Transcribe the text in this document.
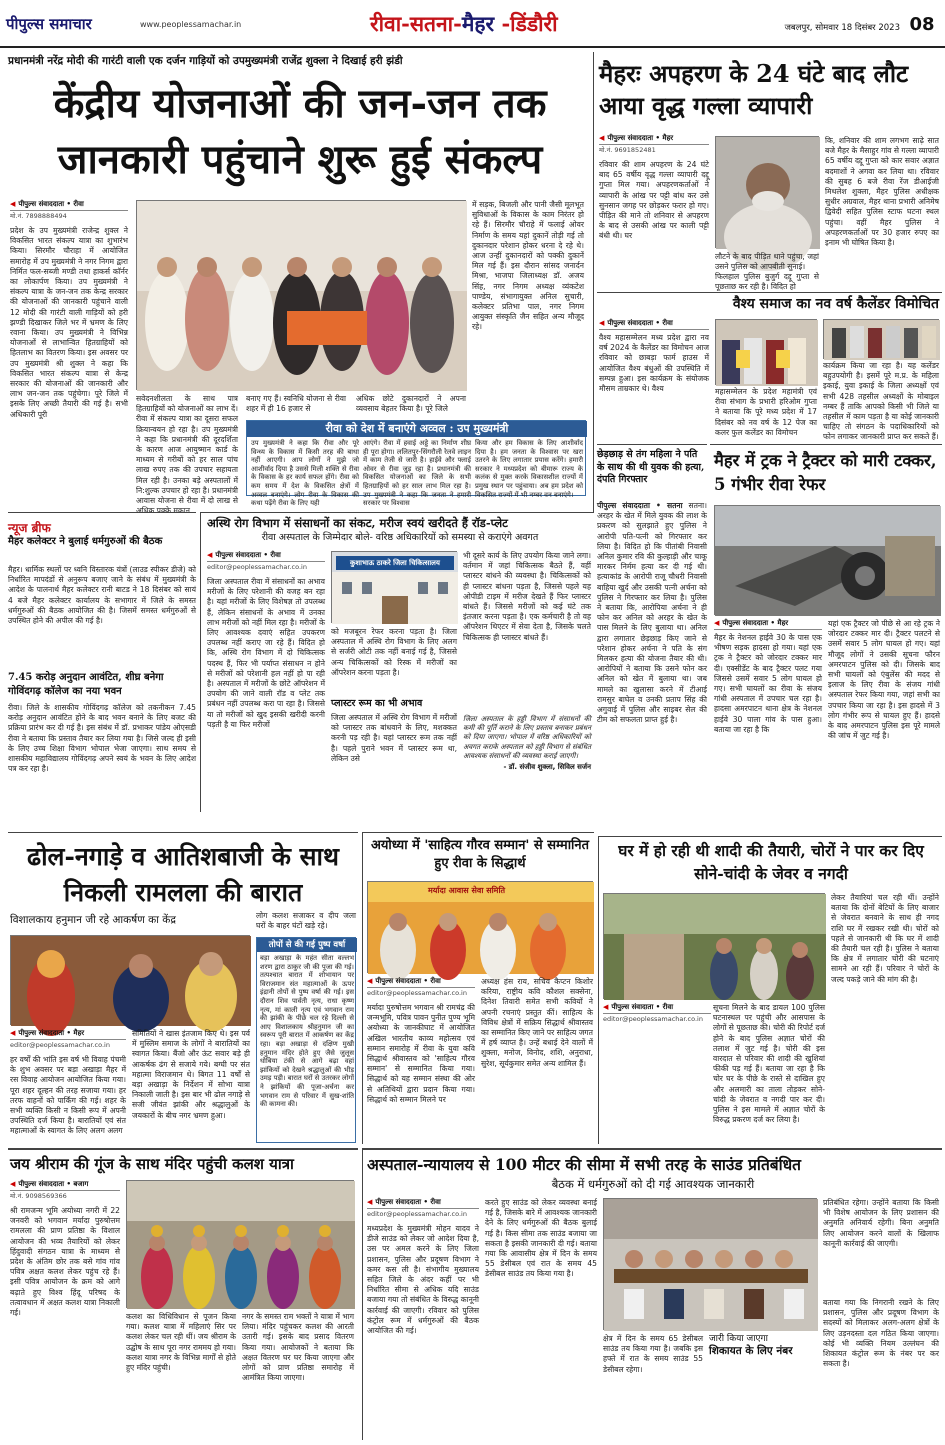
पीपुल्स समाचार	www.peoplessamachar.in	रीवा-सतना-मैहर -डिंडौरी	जबलपुर, सोमवार 18 दिसंबर 2023 08
प्रधानमंत्री नरेंद्र मोदी की गारंटी वाली एक दर्जन गाड़ियों को उपमुख्यमंत्री राजेंद्र शुक्ला ने दिखाई हरी झंडी
केंद्रीय योजनाओं की जन-जन तक जानकारी पहुंचाने शुरू हुई संकल्प
◀ पीपुल्स संवाददाता • रीवा
मो.नं. 7898888494
प्रदेश के उप मुख्यमंत्री राजेन्द्र शुक्ल ने विकसित भारत संकल्प यात्रा का शुभारंभ किया। सिरमौर चौराहा में आयोजित समारोह में उप मुख्यमंत्री ने नगर निगम द्वारा निर्मित फल-सब्जी मण्डी तथा हाकर्स कॉर्नर का लोकार्पण किया। उप मुख्यमंत्री ने संकल्प यात्रा के जन-जन तक केन्द्र सरकार की योजनाओं की जानकारी पहुंचाने वाली 12 मोदी की गारंटी वाली गाड़ियों को हरी झण्डी दिखाकर जिले भर में भ्रमण के लिए रवाना किया। उप मुख्यमंत्री ने विभिन्न योजनाओं से लाभान्वित हितग्राहियों को हितलाभ का वितरण किया। इस अवसर पर उप मुख्यमंत्री श्री शुक्ल ने कहा कि विकसित भारत संकल्प यात्रा से केन्द्र सरकार की योजनाओं की जानकारी और लाभ जन-जन तक पहुंचेगा। पूरे जिले में इसके लिए अच्छी तैयारी की गई है। सभी अधिकारी पूरी
में सड़क, बिजली और पानी जैसी मूलभूत सुविधाओं के विकास के काम निरंतर हो रहे हैं। सिरमौर चौराहे में फलाई ओवर निर्माण के समय यहां दुकानें तोड़ी गई तो दुकानदार परेशान होकर धरना दे रहे थे। आज उन्हीं दुकानदारों को पक्की दुकानें मिल गई हैं। इस दौरान सांसद जनार्दन मिश्रा, भाजपा जिलाध्यक्ष डॉ. अजय सिंह, नगर निगम अध्यक्ष व्यंकटेश पाण्डेय, संभागायुक्त अनिल सुचारी, कलेक्टर प्रतिभा पाल, नगर निगम आयुक्त संस्कृति जैन सहित अन्य मौजूद रहे।
सवेदनशीलता के साथ पात्र हितग्राहियों को योजनाओं का लाभ दें। रीवा में संकल्प यात्रा का दूसरा सफल क्रियान्वयन हो रहा है। उप मुख्यमंत्री ने कहा कि प्रधानमंत्री की दूरदर्शिता के कारण आज आयुष्मान कार्ड के माध्यम से गरीबों को हर साल पांच लाख रुपए तक की उपचार सहायता मिल रही है। उनका बड़े अस्पतालों में नि:शुल्क उपचार हो रहा है। प्रधानमंत्री आवास योजना से रीवा में दो लाख से अधिक पक्के मकान
बनाए गए हैं। स्वनिधि योजना से रीवा शहर में ही 16 हजार से
अधिक छोटे दुकानदारों ने अपना व्यवसाय बेहतर किया है। पूरे जिले
रीवा को देश में बनाएंगे अव्वल : उप मुख्यमंत्री
उप मुख्यमंत्री ने कहा कि रीवा और पूरे विन्ध्य के विकास में किसी तरह की बाधा नहीं आएगी। आप लोगों ने मुझे जो आशीर्वाद दिया है उससे मिली शक्ति से रीवा के विकास के हर कार्य सफल होंगे। रीवा को कम समय में देश के विकसित क्षेत्रों में अव्वल बनाएंगे। लोग रीवा के विकास की कथा पढ़ेंगे रीवा के लिए यही
आएंगे। रीवा में हवाई अड्डे का निर्माण शीघ्र ही पूरा होगा। ललितपुर-सिंगरौली रेलवे लाइन में काम तेजी से जारी है। हाईवे और फ्लाई ओवर से रीवा जुड़ रहा है। प्रधानमंत्री की विकसित योजनाओं का जिले के सभी हितग्राहियों को हर साल लाभ मिल रहा है। उप मुख्यमंत्री ने कहा कि जनता ने हमारी सरकार पर विश्वास
किया और हम विकास के लिए आशीर्वाद दिया है। हम जनता के विश्वास पर खरा उतरने के लिए लगातार प्रयास करेंगे। हमारी सरकार ने मध्यप्रदेश को बीमारू राज्य के कलंक से मुक्त करके विकासशील राज्यों में प्रमुख स्थान पर पहुंचाया। अब हम प्रदेश को विकसित राज्यों में भी नम्बर वन बनाएंगे।
मैहरः अपहरण के 24 घंटे बाद लौट आया वृद्ध गल्ला व्यापारी
◀ पीपुल्स संवाददाता • मैहर
मो.नं. 9691852481
रविवार की शाम अपहरण के 24 घंटे बाद 65 वर्षीय वृद्ध गल्ला व्यापारी दद्दू गुप्ता मिल गया। अपहरणकर्ताओं ने व्यापारी के आंख पर पट्टी बांध कर उसे सुनसान जगह पर छोड़कर फरार हो गए। पीड़ित की माने तो शनिवार से अपहरण के बाद से उसकी आंख पर काली पट्टी बंधी थी। घर
लौटने के बाद पीड़ित थाने पहुंचा, जहां उसने पुलिस को आपबीती सुनाई।
फिलहाल पुलिस बुजुर्ग दद्दू गुप्ता से पूछताछ कर रही है। विदित हो
कि, शनिवार की शाम लगभग साढ़े सात बजे मैहर के मैसाहुर गांव से गल्ला व्यापारी 65 वर्षीय दद्दू गुप्ता को कार सवार अज्ञात बदमाशों ने अगवा कर लिया था। रविवार की सुबह 6 बजे रीवा रेंज डीआईजी मिथलेश शुक्ला, मैहर पुलिस अधीक्षक सुधीर अग्रवाल, मैहर थाना प्रभारी अनिमेष द्विवेदी सहित पुलिस स्टाफ घटना स्थल पहुंचा। वहीं मैहर पुलिस ने अपहरणकर्ताओं पर 30 हजार रुपए का इनाम भी घोषित किया है।
वैश्य समाज का नव वर्ष कैलेंडर विमोचित
◀ पीपुल्स संवाददाता • रीवा
वैश्य महासम्मेलन मध्य प्रदेश द्वारा नव वर्ष 2024 के कैलेंडर का विमोचन आज रविवार को छाबड़ा फार्म हाउस में आयोजित वैश्य बंधुओं की उपस्थिति में सम्पन्न हुआ। इस कार्यक्रम के संयोजक मौसम ताम्रकार थे। वैश्य	महासम्मेलन के प्रदेश महामंत्री एवं रीवा संभाग के प्रभारी हरिओम गुप्ता ने बताया कि पूरे मध्य प्रदेश में 17 दिसंबर को नव वर्ष के 12 पेज का कलर फुल कलेंडर का विमोचन
कार्यक्रम किया जा रहा है। यह कलेंडर बहुउपयोगी है। इसमें पूरे म.प्र. के महिला इकाई, युवा इकाई के जिला अध्यक्षों एवं सभी 428 तहसील अध्यक्षों के मोबाइल नम्बर हैं ताकि आपको किसी भी जिले या तहसील में काम पड़ता है या कोई जानकारी चाहिए तो संगठन के पदाधिकारियों को फोन लगाकर जानकारी प्राप्त कर सकते हैं।
छेड़छाड़ से तंग महिला ने पति के साथ की थी युवक की हत्या, दंपति गिरफ्तार
पीपुल्स संवाददाता • सतना सतना। अरहर के खेत में मिले युवक की लाश के प्रकरण को सुलझाते हुए पुलिस ने आरोपी पति-पत्नी को गिरफ्तार कर लिया है। विदित हो कि पीतांबी निवासी अनिल कुमार रवि की कुल्हाड़ी और चाकू मारकर निर्मम हत्या कर दी गई थी। हत्याकांड के आरोपी राजू चौधरी निवासी बाहिया खुर्द और उसकी पत्नी अर्चना को पुलिस ने गिरफ्तार कर लिया है। पुलिस ने बताया कि, आरोपिया अर्चना ने ही फोन कर अनिल को अरहर के खेत के पास मिलने के लिए बुलाया था। अनिल द्वारा लगातार छेड़छाड़ किए जाने से परेशान होकर अर्चना ने पति के संग मिलकर हत्या की योजना तैयार की थी। आरोपियों ने बताया कि उसने फोन कर अनिल को खेत में बुलाया था। जब मामले का खुलासा करने में टीआई रामसुर बाघेल व उनकी प्रताप सिंह की अगुवाई में पुलिस और साइबर सेल की टीम को सफलता प्राप्त हुई है।
मैहर में ट्रक ने ट्रैक्टर को मारी टक्कर, 5 गंभीर रीवा रेफर
◀ पीपुल्स संवाददाता • मैहर
मैहर के नेशनल हाईवे 30 के पास एक भीषण सड़क हादसा हो गया। यहां एक ट्रक ने ट्रैक्टर को जोरदार टक्कर मार दी। एक्सीडेंट के बाद ट्रैक्टर पलट गया जिससे उसमें सवार 5 लोग घायल हो गए। सभी घायलों का रीवा के संजय गांधी अस्पताल में उपचार चल रहा है। हादसा अमरपाटन थाना क्षेत्र के नेशनल हाईवे 30 पाला गांव के पास हुआ। बताया जा रहा है कि
यहां एक ट्रैक्टर जो पीछे से आ रहे ट्रक ने जोरदार टक्कर मार दी। ट्रैक्टर पलटने से उसमें सवार 5 लोग घायल हो गए। यहां मौजूद लोगों ने उसकी सूचना फौरन अमरपाटन पुलिस को दी। जिसके बाद सभी घायलों को एंबुलेंस की मदद से इलाज के लिए रीवा के संजय गांधी अस्पताल रेफर किया गया, जहां सभी का उपचार किया जा रहा है। इस हादसे में 3 लोग गंभीर रूप से घायल हुए हैं। हादसे के बाद अमरपाटन पुलिस इस पूरे मामले की जांच में जुट गई है।
न्यूज ब्रीफ
मैहर कलेक्टर ने बुलाई धर्मगुरुओं की बैठक
मैहर। धार्मिक स्थलों पर ध्वनि विस्तारक यंत्रों (लाउड स्पीकर डीजे) को निर्धारित मापदंडों से अनुरूप बजाए जाने के संबंध में मुख्यमंत्री के आदेश के पालनार्थ मैहर कलेक्टर रानी बाटड ने 18 दिसंबर को सायं 4 बजे मैहर कलेक्टर कार्यालय के सभागार में जिले के समस्त धर्मगुरुओं की बैठक आयोजित की है। जिसमें समस्त धर्मगुरुओं से उपस्थित होने की अपील की गई है।
7.45 करोड़ अनुदान आवंटित, शीघ्र बनेगा गोविंदगढ़ कॉलेज का नया भवन
रीवा। जिले के शासकीय गोविंदगढ़ कॉलेज को तकनीकन 7.45 करोड़ अनुदान आवंटित होने के बाद भवन बनाने के लिए बजट की प्रक्रिया प्रारंभ कर दी गई है। इस संबंध में डॉ. प्रभाकर पांडेय ओएसडी रीवा ने बताया कि प्रस्ताव तैयार कर लिया गया है। जिसे जल्द ही इसी के लिए उच्च शिक्षा विभाग भोपाल भेजा जाएगा। साथ समय से शासकीय महाविद्यालय गोविंदगढ़ अपने स्वयं के भवन के लिए आदेश पत्र कर रहा है।
अस्थि रोग विभाग में संसाधनों का संकट, मरीज स्वयं खरीदते हैं रॉड-प्लेट
रीवा अस्पताल के जिम्मेदार बोले- वरिष्ठ अधिकारियों को समस्या से कराएंगे अवगत
◀ पीपुल्स संवाददाता • रीवा
editor@peoplessamachar.co.in
जिला अस्पताल रीवा में संसाधनों का अभाव मरीजों के लिए परेशानी की वजह बन रहा है। यहां मरीजों के लिए विशेषज्ञ तो उपलब्ध हैं, लेकिन संसाधनों के अभाव में उनका लाभ मरीजों को नहीं मिल रहा है। मरीजों के लिए आवश्यक दवाएं सहित उपकरण उपलब्ध नहीं कराए जा रहे हैं। विदित हो कि, अस्थि रोग विभाग में दो चिकित्सक पदस्थ हैं, फिर भी पर्याप्त संसाधन न होने से मरीजों को परेशानी हल नहीं हो पा रही है। अस्पताल में मरीजों के छोटे ऑपरेशन में उपयोग की जाने वाली रॉड व प्लेट तक प्रबंधन नहीं उपलब्ध करा पा रहा है। जिससे या तो मरीजों को खुद इसकी खरीदी करनी पड़ती है या फिर मरीजों
कुशाभाऊ ठाकरे जिला चिकित्सालय
को मजबूरन रेफर करना पड़ता है। जिला अस्पताल में अस्थि रोग विभाग के लिए अलग से सर्जरी ओटी तक नहीं बनाई गई है, जिससे अन्य चिकित्सकों को रिस्क में मरीजों का ऑपरेशन करना पड़ता है।
प्लास्टर रूम का भी अभाव
जिला अस्पताल में अस्थि रोग विभाग में मरीजों को प्लास्टर तक बांधवाने के लिए, मशक्कत करनी पड़ रही है। यहां प्लास्टर रूम तक नहीं है। पहले पुराने भवन में प्लास्टर रूम था, लेकिन उसे
भी दूसरे कार्य के लिए उपयोग किया जाने लगा। वर्तमान में जहां चिकित्सक बैठते हैं, वहीं प्लास्टर बांधने की व्यवस्था है। चिकित्सकों को ही प्लास्टर बांधना पड़ता है, जिससे पहले यह ओपीडी टाइम में मरीज देखते हैं फिर प्लास्टर बांधते हैं। जिससे मरीजों को कई घंटे तक इंतजार करना पड़ता है। एक कर्मचारी है तो वह ऑपरेशन थिएटर में सेवा देता है, जिसके चलते चिकित्सक ही प्लास्टर बांधते हैं।
जिला अस्पताल के हड्डी विभाग में संसाधनों की कमी की पूर्ति कराने के लिए प्रस्ताव बनाकर प्रबंधन को दिया जाएगा। भोपाल में वरिष्ठ अधिकारियों को अवगत कराके अस्पताल को हड्डी विभाग से संबंधित आवश्यक संसाधनों की व्यवस्था कराई जाएगी।
- डॉ. संजीव शुक्ला, सिविल सर्जन
ढोल-नगाड़े व आतिशबाजी के साथ निकली रामलला की बारात
विशालकाय हनुमान जी रहे आकर्षण का केंद्र	लोग कलश सजाकर व दीप जला घरों के बाहर घंटों खड़े रहे।
तोपों से की गई पुष्प वर्षा
बड़ा अखाड़ा के महंत सीता वल्लभ शरण द्वारा ठाकुर जी की पूजा की गई। तत्पश्चात बारात में शोभायान पर विराजमान संत महात्माओं के ऊपर इंद्रानी तोपों से पुष्प वर्षा की गई। इस दौरान शिव पार्वती नृत्य, राधा कृष्ण नृत्य, मां काली नृत्य एवं भगवान राम की झांकी के पीछे चल रहे दिल्ली से आए विशालकाय श्रीहनुमान जी का स्वरूप पूरी बारात में आकर्षण का केंद्र रहा। बड़ा अखाड़ा से दक्षिण मुखी हनुमान मंदिर होते हुए जैसे जुलूस धोबिया टंकी से आगे बढ़ा वहां झांकियों को देखने श्रद्धालुओं की भीड़ उमड़ पड़ी। बारात घरों से उतरकर लोगों ने झांकियों की पूजा-अर्चना कर भगवान राम से परिवार में सुख-शांति की कामना की।
◀ पीपुल्स संवाददाता • मैहर
editor@peoplessamachar.co.in
हर वर्षों की भांति इस वर्ष भी विवाह पंचमी के शुभ अवसर पर बड़ा अखाड़ा मैहर में रस विवाह आयोजन आयोजित किया गया। पूरा शहर दूल्हन की तरह सजाया गया। हर तरफ वाहनों को पार्किंग की गई। शहर के सभी व्यक्ति किसी न किसी रूप में अपनी उपस्थिति दर्ज किया है। बारातियों एवं संत महात्माओं के स्वागत के लिए अलग अलग
समितियों ने खास इंतजाम किए थे। इस पर्व में मुस्लिम समाज के लोगों ने बारातियों का स्वागत किया। बैंजो और ऊंट सवार बड़े ही आकर्षक ढंग से सजाये गये। बग्घी पर संत महात्मा विराजमान थे। बिगत 11 वर्षों से बड़ा अखाड़ा के निर्देशन में सोभा यात्रा निकाली जाती है। इस बार भी ढोल नगाड़े से सजी जीवंत झांकी और श्रद्धालुओं के जयकारों के बीच नगर भ्रमण हुआ।
अयोध्या में 'साहित्य गौरव सम्मान' से सम्मानित हुए रीवा के सिद्धार्थ
मर्यादा आवास सेवा समिति
◀ पीपुल्स संवाददाता • रीवा
editor@peoplessamachar.co.in
मर्यादा पुरुषोत्तम भगवान श्री रामचंद्र की जन्मभूमि, पवित्र पावन पुनीत पुण्य भूमि अयोध्या के जानकीघाट में आयोजित अखिल भारतीय काव्य महोत्सव एवं सम्मान समारोह में रीवा के युवा कवि सिद्धार्थ श्रीवास्तव को 'साहित्य गौरव सम्मान' से सम्मानित किया गया। सिद्धार्थ को यह सम्मान संस्था की ओर से अतिथियों द्वारा प्रदान किया गया। सिद्धार्थ को सम्मान मिलने पर
अध्यक्ष हंस राय, सचिव कैप्टन किशोर करिया, राष्ट्रीय कवि कौशल सक्सेना, दिनेश तिवारी समेत सभी कवियों ने अपनी रचनाएं प्रस्तुत कीं। साहित्य के विविध क्षेत्रों में सक्रिय सिद्धार्थ श्रीवास्तव का सम्मानित किए जाने पर साहित्य जगत में हर्ष व्याप्त है। उन्हें बधाई देने वालों में शुक्ला, मनोज, विनोद, शशि, अनुराधा, सुरेश, सूर्यकुमार समेत अन्य शामिल हैं।
घर में हो रही थी शादी की तैयारी, चोरों ने पार कर दिए सोने-चांदी के जेवर व नगदी
◀ पीपुल्स संवादाता • रीवा
editor@peoplessamachar.co.in
सूचना मिलने के बाद डायल 100 पुलिस घटनास्थल पर पहुंची और आसपास के लोगों से पूछताछ की। चोरी की रिपोर्ट दर्ज होने के बाद पुलिस अज्ञात चोरों की तलाश में जुट गई है। चोरी की इस वारदात से परिवार की शादी की खुशियां फीकी पड़ गई हैं। बताया जा रहा है कि चोर घर के पीछे के रास्ते से दाखिल हुए और अलमारी का ताला तोड़कर सोने-चांदी के जेवरात व नगदी पार कर दी। पुलिस ने इस मामले में अज्ञात चोरों के विरुद्ध प्रकरण दर्ज कर लिया है।
लेकर तैयारियां चल रही थीं। उन्होंने बताया कि दोनों बेटियों के लिए बाजार से जेवरात बनवाने के साथ ही नगद राशि घर में रखकर रखी थी। चोरों को पहले से जानकारी थी कि घर में शादी की तैयारी चल रही है। पुलिस ने बताया कि क्षेत्र में लगातार चोरी की घटनाएं सामने आ रही हैं। परिवार ने चोरों के जल्द पकड़े जाने की मांग की है।
जय श्रीराम की गूंज के साथ मंदिर पहुंची कलश यात्रा
◀ पीपुल्स संवाददाता • बजाग
मो.नं. 9098569366
श्री रामजन्म भूमि अयोध्या नगरी में 22 जनवरी को भगवान मर्यादा पुरुषोत्तम रामलला की प्राण प्रतिष्ठा के विशाल आयोजन की भव्य तैयारियों को लेकर हिंदुवादी संगठन यात्रा के माध्यम से प्रदेश के अंतिम छोर तक बसे गांव गांव पवित्र अक्षत कलश लेकर पहुंच रहे हैं। इसी पवित्र आयोजन के क्रम को आगे बढ़ाते हुए विश्व हिंदू परिषद के तत्वावधान में अक्षत कलश यात्रा निकाली गई।	कलश का विधिविधान से पूजन किया गया। कलश यात्रा में महिलाएं सिर पर कलश लेकर चल रही थीं। जय श्रीराम के उद्घोष के साथ पूरा नगर राममय हो गया। कलश यात्रा नगर के विभिन्न मार्गों से होते हुए मंदिर पहुंची।
नगर के समस्त राम भक्तों ने यात्रा में भाग लिया। मंदिर पहुंचकर कलश की आरती उतारी गई। इसके बाद प्रसाद वितरण किया गया। आयोजकों ने बताया कि अक्षत वितरण घर घर किया जाएगा और लोगों को प्राण प्रतिष्ठा समारोह में आमंत्रित किया जाएगा।
अस्पताल-न्यायालय से 100 मीटर की सीमा में सभी तरह के साउंड प्रतिबंधित
बैठक में धर्मगुरुओं को दी गई आवश्यक जानकारी
◀ पीपुल्स संवाददाता • रीवा
editor@peoplessamachar.co.in
मध्यप्रदेश के मुख्यमंत्री मोहन यादव ने डीजे साउंड को लेकर जो आदेश दिया है, उस पर अमल करने के लिए जिला प्रशासन, पुलिस और प्रदूषण विभाग ने कमर कस ली है। संभागीय मुख्यालय सहित जिले के अंदर कहीं पर भी निर्धारित सीमा से अधिक यदि साउंड बजाया गया तो संबंधित के विरुद्ध कानूनी कार्रवाई की जाएगी। रविवार को पुलिस कंट्रोल रूम में धर्मगुरुओं की बैठक आयोजित की गई।
करते हुए साउंड को लेकर व्यवस्था बनाई गई है, जिसके बारे में आवश्यक जानकारी देने के लिए धर्मगुरुओं की बैठक बुलाई गई है। किस सीमा तक साउंड बजाया जा सकता है इसकी जानकारी दी गई। बताया गया कि आवासीय क्षेत्र में दिन के समय 55 डेसीबल एवं रात के समय 45 डेसीबल साउंड तय किया गया है।
क्षेत्र में दिन के समय 65 डेसीबल साउंड तय किया गया है। जबकि इस हफ्ते में रात के समय साउंड 55 डेसीबल रहेगा।
जारी किया जाएगा
शिकायत के लिए नंबर
प्रतिबंधित रहेगा। उन्होंने बताया कि किसी भी विशेष आयोजन के लिए प्रशासन की अनुमति अनिवार्य रहेगी। बिना अनुमति लिए आयोजन करने वालों के खिलाफ कानूनी कार्रवाई की जाएगी।
बताया गया कि निगरानी रखने के लिए प्रशासन, पुलिस और प्रदूषण विभाग के सदस्यों को मिलाकर अलग-अलग क्षेत्रों के लिए उड़नदस्ता दल गठित किया जाएगा। कोई भी व्यक्ति नियम उल्लंघन की शिकायत कंट्रोल रूम के नंबर पर कर सकता है।
